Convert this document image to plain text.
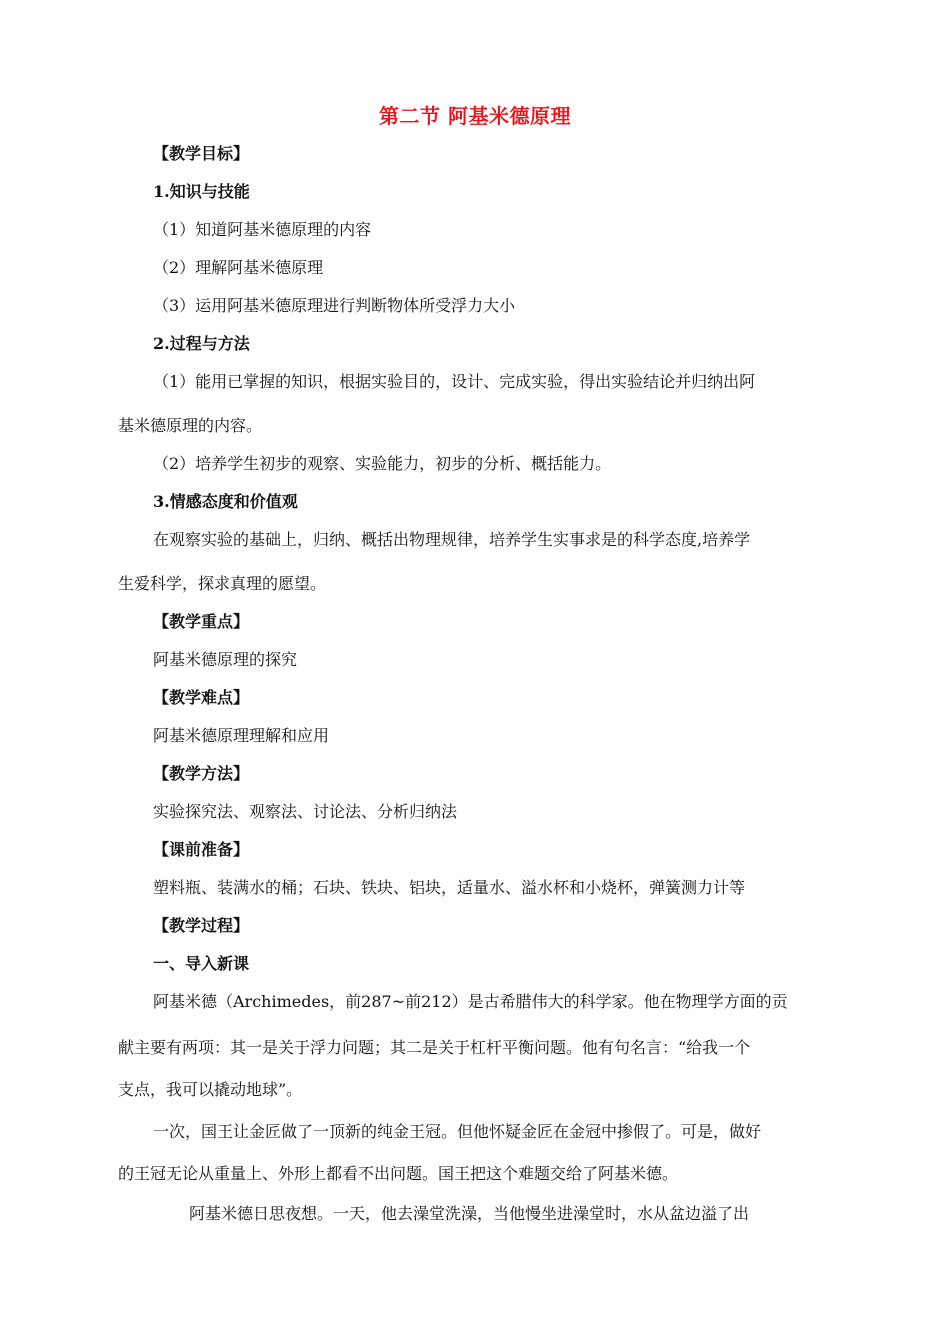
第二节 阿基米德原理
【教学目标】
1.知识与技能
（1）知道阿基米德原理的内容
（2）理解阿基米德原理
（3）运用阿基米德原理进行判断物体所受浮力大小
2.过程与方法
（1）能用已掌握的知识，根据实验目的，设计、完成实验，得出实验结论并归纳出阿
基米德原理的内容。
（2）培养学生初步的观察、实验能力，初步的分析、概括能力。
3.情感态度和价值观
在观察实验的基础上，归纳、概括出物理规律，培养学生实事求是的科学态度,培养学
生爱科学，探求真理的愿望。
【教学重点】
阿基米德原理的探究
【教学难点】
阿基米德原理理解和应用
【教学方法】
实验探究法、观察法、讨论法、分析归纳法
【课前准备】
塑料瓶、装满水的桶；石块、铁块、铝块，适量水、溢水杯和小烧杯，弹簧测力计等
【教学过程】
一、导入新课
阿基米德（Archimedes，前287~前212）是古希腊伟大的科学家。他在物理学方面的贡
献主要有两项：其一是关于浮力问题；其二是关于杠杆平衡问题。他有句名言：“给我一个
支点，我可以撬动地球”。
一次，国王让金匠做了一顶新的纯金王冠。但他怀疑金匠在金冠中掺假了。可是，做好
的王冠无论从重量上、外形上都看不出问题。国王把这个难题交给了阿基米德。
阿基米德日思夜想。一天，他去澡堂洗澡，当他慢坐进澡堂时，水从盆边溢了出
